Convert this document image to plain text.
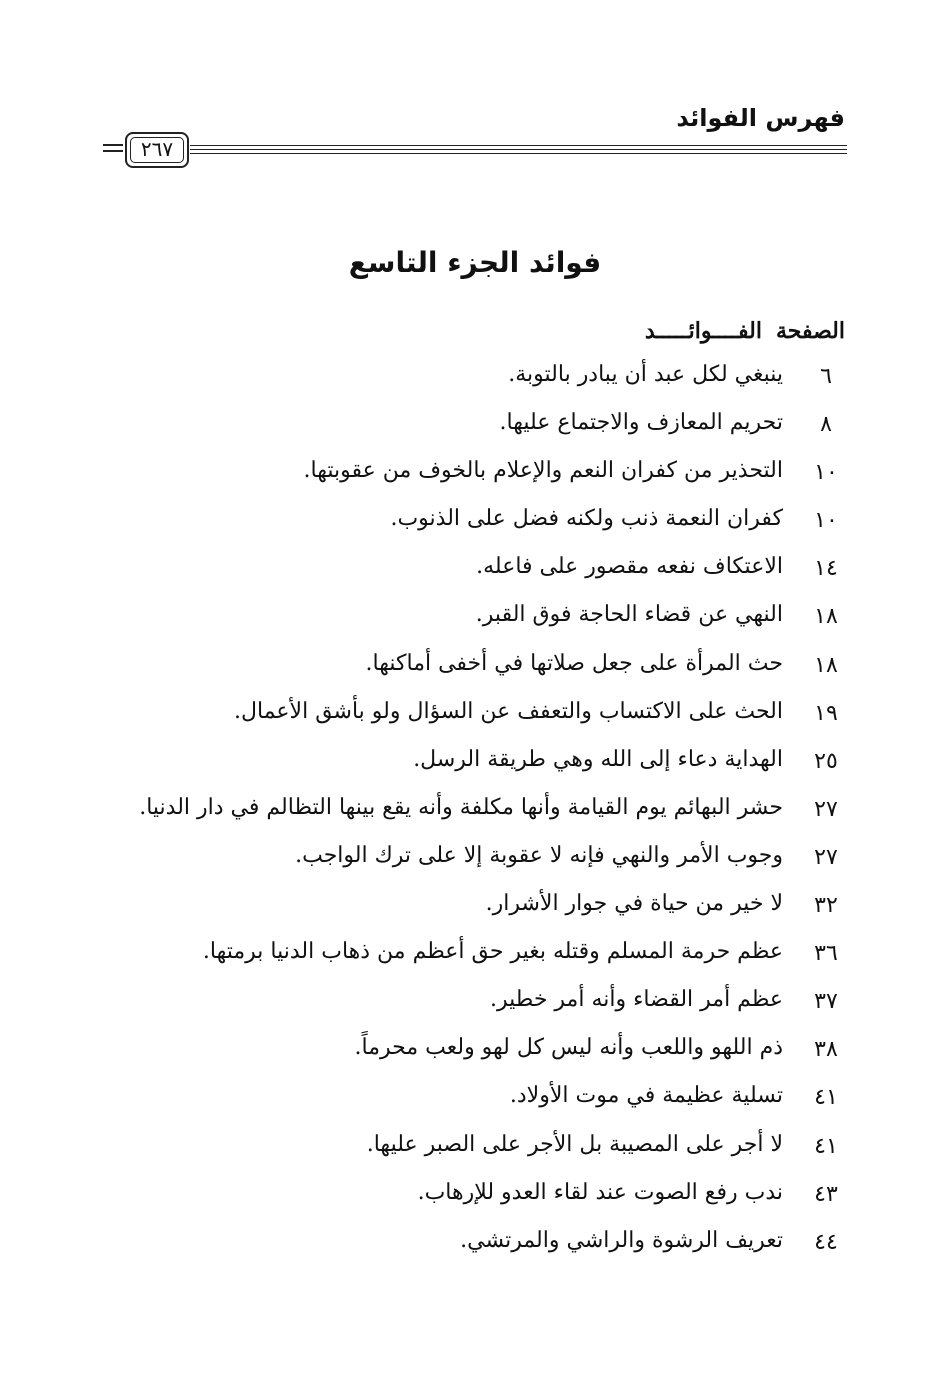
فهرس الفوائد
٢٦٧
فوائد الجزء التاسع
الصفحةالفــــوائـــــد
٦
ينبغي لكل عبد أن يبادر بالتوبة.
٨
تحريم المعازف والاجتماع عليها.
١٠
التحذير من كفران النعم والإعلام بالخوف من عقوبتها.
١٠
كفران النعمة ذنب ولكنه فضل على الذنوب.
١٤
الاعتكاف نفعه مقصور على فاعله.
١٨
النهي عن قضاء الحاجة فوق القبر.
١٨
حث المرأة على جعل صلاتها في أخفى أماكنها.
١٩
الحث على الاكتساب والتعفف عن السؤال ولو بأشق الأعمال.
٢٥
الهداية دعاء إلى الله وهي طريقة الرسل.
٢٧
حشر البهائم يوم القيامة وأنها مكلفة وأنه يقع بينها التظالم في دار الدنيا.
٢٧
وجوب الأمر والنهي فإنه لا عقوبة إلا على ترك الواجب.
٣٢
لا خير من حياة في جوار الأشرار.
٣٦
عظم حرمة المسلم وقتله بغير حق أعظم من ذهاب الدنيا برمتها.
٣٧
عظم أمر القضاء وأنه أمر خطير.
٣٨
ذم اللهو واللعب وأنه ليس كل لهو ولعب محرماً.
٤١
تسلية عظيمة في موت الأولاد.
٤١
لا أجر على المصيبة بل الأجر على الصبر عليها.
٤٣
ندب رفع الصوت عند لقاء العدو للإرهاب.
٤٤
تعريف الرشوة والراشي والمرتشي.
